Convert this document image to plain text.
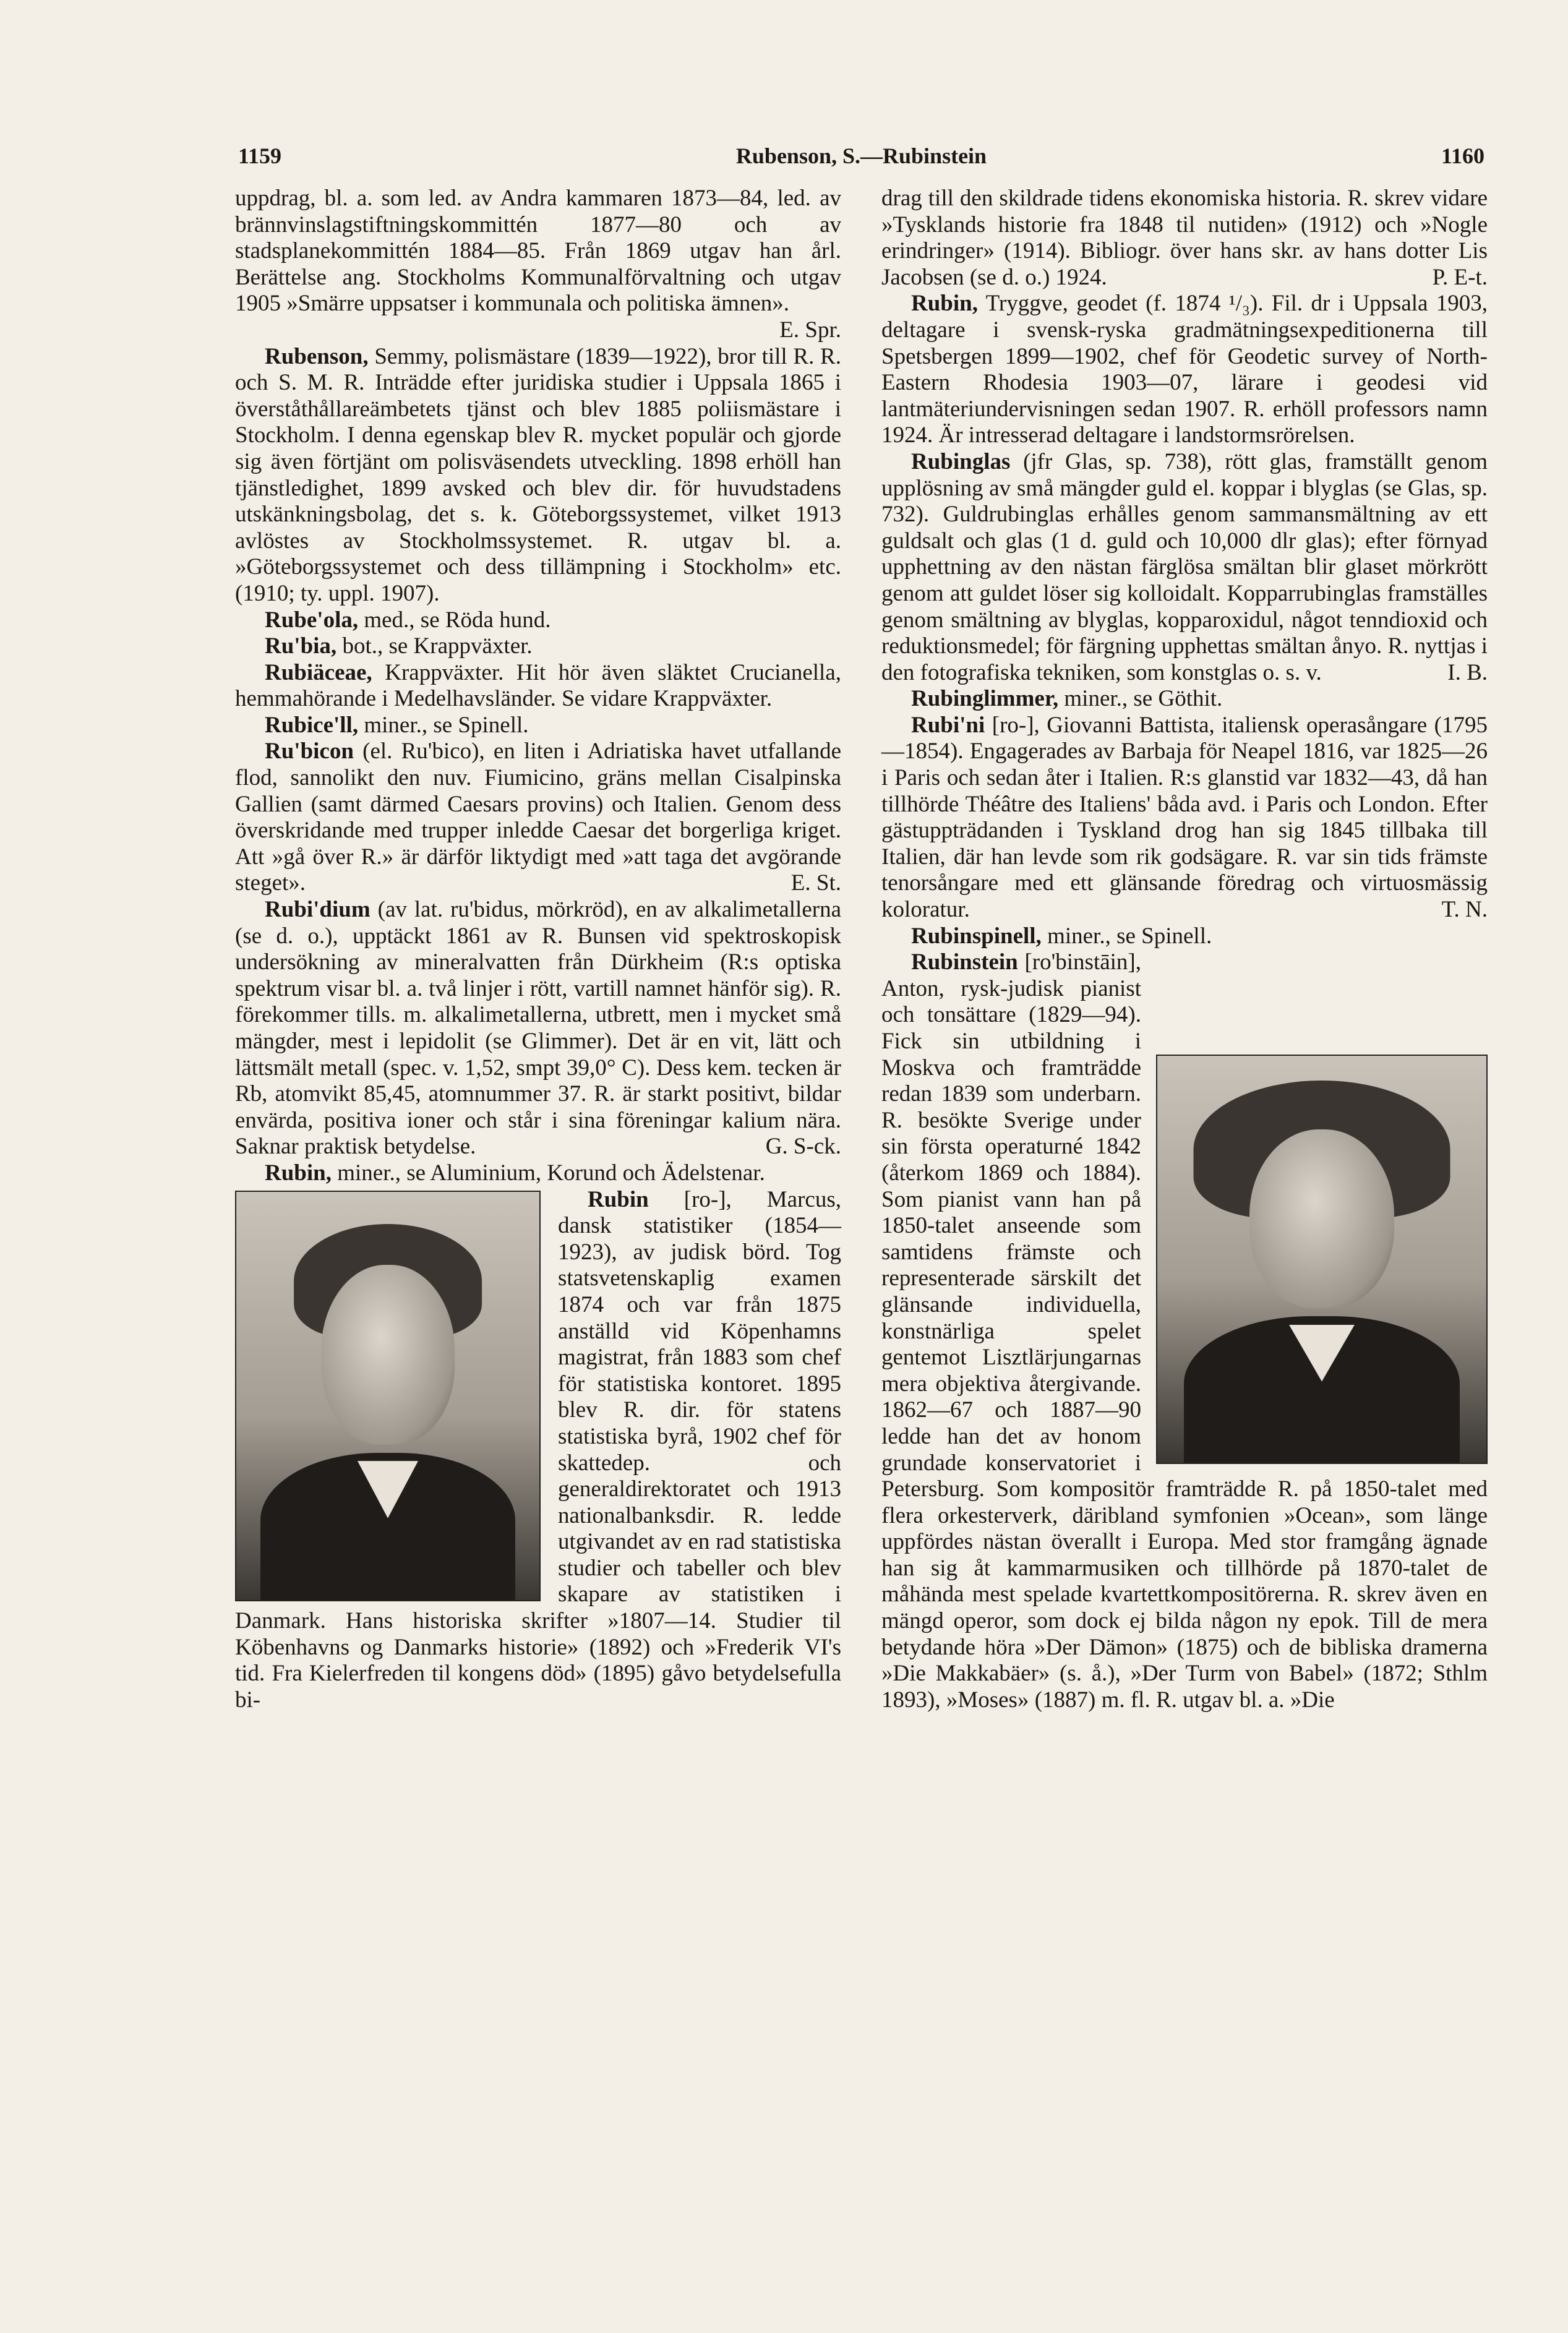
1159	Rubenson, S.—Rubinstein	1160

uppdrag, bl. a. som led. av Andra kammaren 1873—84, led. av brännvinslagstiftningskommittén 1877—80 och av stadsplanekommittén 1884—85. Från 1869 utgav han årl. Berättelse ang. Stockholms Kommunalförvaltning och utgav 1905 »Smärre uppsatser i kommunala och politiska ämnen».
E. Spr.

Rubenson, Semmy, polismästare (1839—1922), bror till R. R. och S. M. R. Inträdde efter juridiska studier i Uppsala 1865 i överståthållareämbetets tjänst och blev 1885 poliismästare i Stockholm. I denna egenskap blev R. mycket populär och gjorde sig även förtjänt om polisväsendets utveckling. 1898 erhöll han tjänstledighet, 1899 avsked och blev dir. för huvudstadens utskänkningsbolag, det s. k. Göteborgssystemet, vilket 1913 avlöstes av Stockholmssystemet. R. utgav bl. a. »Göteborgssystemet och dess tillämpning i Stockholm» etc. (1910; ty. uppl. 1907).

Rube'ola, med., se Röda hund.

Ru'bia, bot., se Krappväxter.

Rubiäceae, Krappväxter. Hit hör även släktet Crucianella, hemmahörande i Medelhavsländer. Se vidare Krappväxter.

Rubice'll, miner., se Spinell.

Ru'bicon (el. Ru'bico), en liten i Adriatiska havet utfallande flod, sannolikt den nuv. Fiumicino, gräns mellan Cisalpinska Gallien (samt därmed Caesars provins) och Italien. Genom dess överskridande med trupper inledde Caesar det borgerliga kriget. Att »gå över R.» är därför liktydigt med »att taga det avgörande steget».	E. St.

Rubi'dium (av lat. ru'bidus, mörkröd), en av alkalimetallerna (se d. o.), upptäckt 1861 av R. Bunsen vid spektroskopisk undersökning av mineralvatten från Dürkheim (R:s optiska spektrum visar bl. a. två linjer i rött, vartill namnet hänför sig). R. förekommer tills. m. alkalimetallerna, utbrett, men i mycket små mängder, mest i lepidolit (se Glimmer). Det är en vit, lätt och lättsmält metall (spec. v. 1,52, smpt 39,0° C). Dess kem. tecken är Rb, atomvikt 85,45, atomnummer 37. R. är starkt positivt, bildar envärda, positiva ioner och står i sina föreningar kalium nära. Saknar praktisk betydelse.	G. S-ck.

Rubin, miner., se Aluminium, Korund och Ädelstenar.

Rubin [ro-], Marcus, dansk statistiker (1854—1923), av judisk börd. Tog statsvetenskaplig examen 1874 och var från 1875 anställd vid Köpenhamns magistrat, från 1883 som chef för statistiska kontoret. 1895 blev R. dir. för statens statistiska byrå, 1902 chef för skattedep. och generaldirektoratet och 1913 nationalbanksdir. R. ledde utgivandet av en rad statistiska studier och tabeller och blev skapare av statistiken i Danmark. Hans historiska skrifter »1807—14. Studier til Köbenhavns og Danmarks historie» (1892) och »Frederik VI's tid. Fra Kielerfreden til kongens död» (1895) gåvo betydelsefulla bi-

drag till den skildrade tidens ekonomiska historia. R. skrev vidare »Tysklands historie fra 1848 til nutiden» (1912) och »Nogle erindringer» (1914). Bibliogr. över hans skr. av hans dotter Lis Jacobsen (se d. o.) 1924.	P. E-t.

Rubin, Tryggve, geodet (f. 1874 ¹/₃). Fil. dr i Uppsala 1903, deltagare i svensk-ryska gradmätningsexpeditionerna till Spetsbergen 1899—1902, chef för Geodetic survey of North-Eastern Rhodesia 1903—07, lärare i geodesi vid lantmäteriundervisningen sedan 1907. R. erhöll professors namn 1924. Är intresserad deltagare i landstormsrörelsen.

Rubinglas (jfr Glas, sp. 738), rött glas, framställt genom upplösning av små mängder guld el. koppar i blyglas (se Glas, sp. 732). Guldrubinglas erhålles genom sammansmältning av ett guldsalt och glas (1 d. guld och 10,000 dlr glas); efter förnyad upphettning av den nästan färglösa smältan blir glaset mörkrött genom att guldet löser sig kolloidalt. Kopparrubinglas framställes genom smältning av blyglas, kopparoxidul, något tenndioxid och reduktionsmedel; för färgning upphettas smältan ånyo. R. nyttjas i den fotografiska tekniken, som konstglas o. s. v.	I. B.

Rubinglimmer, miner., se Göthit.

Rubi'ni [ro-], Giovanni Battista, italiensk operasångare (1795—1854). Engagerades av Barbaja för Neapel 1816, var 1825—26 i Paris och sedan åter i Italien. R:s glanstid var 1832—43, då han tillhörde Théâtre des Italiens' båda avd. i Paris och London. Efter gästuppträdanden i Tyskland drog han sig 1845 tillbaka till Italien, där han levde som rik godsägare. R. var sin tids främste tenorsångare med ett glänsande föredrag och virtuosmässig koloratur.	T. N.

Rubinspinell, miner., se Spinell.

Rubinstein [ro'binstāin], Anton, rysk-judisk pianist och tonsättare (1829—94). Fick sin utbildning i Moskva och framträdde redan 1839 som underbarn. R. besökte Sverige under sin första operaturné 1842 (återkom 1869 och 1884). Som pianist vann han på 1850-talet anseende som samtidens främste och representerade särskilt det glänsande individuella, konstnärliga spelet gentemot Lisztlärjungarnas mera objektiva återgivande. 1862—67 och 1887—90 ledde han det av honom grundade konservatoriet i Petersburg. Som kompositör framträdde R. på 1850-talet med flera orkesterverk, däribland symfonien »Ocean», som länge uppfördes nästan överallt i Europa. Med stor framgång ägnade han sig åt kammarmusiken och tillhörde på 1870-talet de måhända mest spelade kvartettkompositörerna. R. skrev även en mängd operor, som dock ej bilda någon ny epok. Till de mera betydande höra »Der Dämon» (1875) och de bibliska dramerna »Die Makkabäer» (s. å.), »Der Turm von Babel» (1872; Sthlm 1893), »Moses» (1887) m. fl. R. utgav bl. a. »Die
